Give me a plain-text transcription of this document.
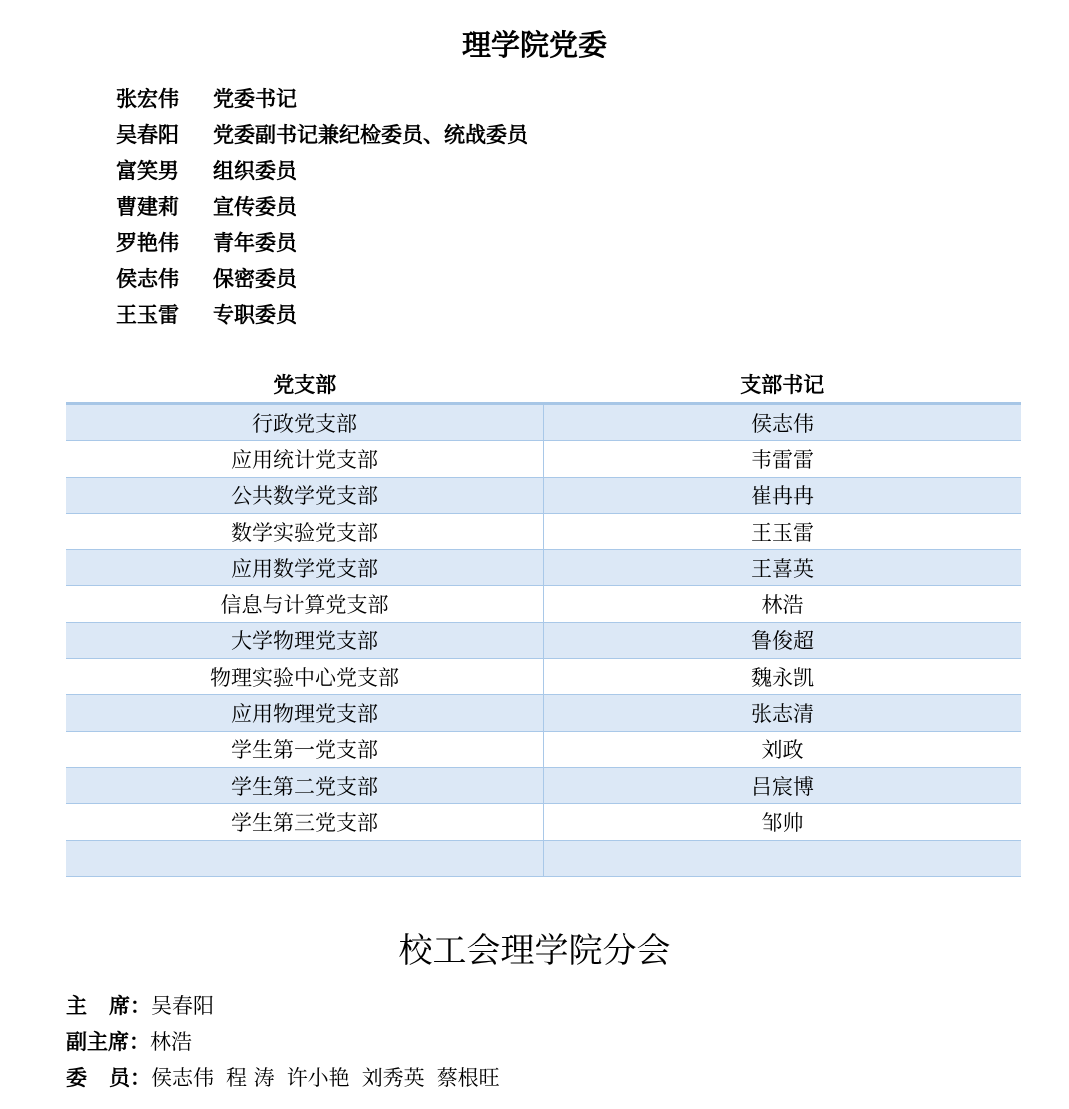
理学院党委
张宏伟 党委书记
吴春阳 党委副书记兼纪检委员、统战委员
富笑男 组织委员
曹建莉 宣传委员
罗艳伟 青年委员
侯志伟 保密委员
王玉雷 专职委员
党支部	支部书记
行政党支部	侯志伟
应用统计党支部	韦雷雷
公共数学党支部	崔冉冉
数学实验党支部	王玉雷
应用数学党支部	王喜英
信息与计算党支部	林浩
大学物理党支部	鲁俊超
物理实验中心党支部	魏永凯
应用物理党支部	张志清
学生第一党支部	刘政
学生第二党支部	吕宸博
学生第三党支部	邹帅

校工会理学院分会
主 席：吴春阳
副主席：林浩
委 员：侯志伟 程 涛 许小艳 刘秀英 蔡根旺
